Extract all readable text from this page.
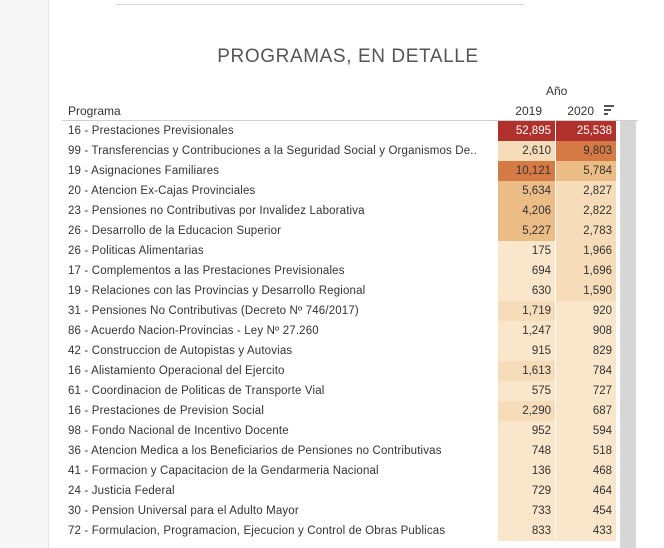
PROGRAMAS, EN DETALLE
Año
Programa	2019	2020
16 - Prestaciones Previsionales	52,895	25,538
99 - Transferencias y Contribuciones a la Seguridad Social y Organismos De..	2,610	9,803
19 - Asignaciones Familiares	10,121	5,784
20 - Atencion Ex-Cajas Provinciales	5,634	2,827
23 - Pensiones no Contributivas por Invalidez Laborativa	4,206	2,822
26 - Desarrollo de la Educacion Superior	5,227	2,783
26 - Politicas Alimentarias	175	1,966
17 - Complementos a las Prestaciones Previsionales	694	1,696
19 - Relaciones con las Provincias y Desarrollo Regional	630	1,590
31 - Pensiones No Contributivas (Decreto Nº 746/2017)	1,719	920
86 - Acuerdo Nacion-Provincias - Ley Nº 27.260	1,247	908
42 - Construccion de Autopistas y Autovias	915	829
16 - Alistamiento Operacional del Ejercito	1,613	784
61 - Coordinacion de Politicas de Transporte Vial	575	727
16 - Prestaciones de Prevision Social	2,290	687
98 - Fondo Nacional de Incentivo Docente	952	594
36 - Atencion Medica a los Beneficiarios de Pensiones no Contributivas	748	518
41 - Formacion y Capacitacion de la Gendarmeria Nacional	136	468
24 - Justicia Federal	729	464
30 - Pension Universal para el Adulto Mayor	733	454
72 - Formulacion, Programacion, Ejecucion y Control de Obras Publicas	833	433
